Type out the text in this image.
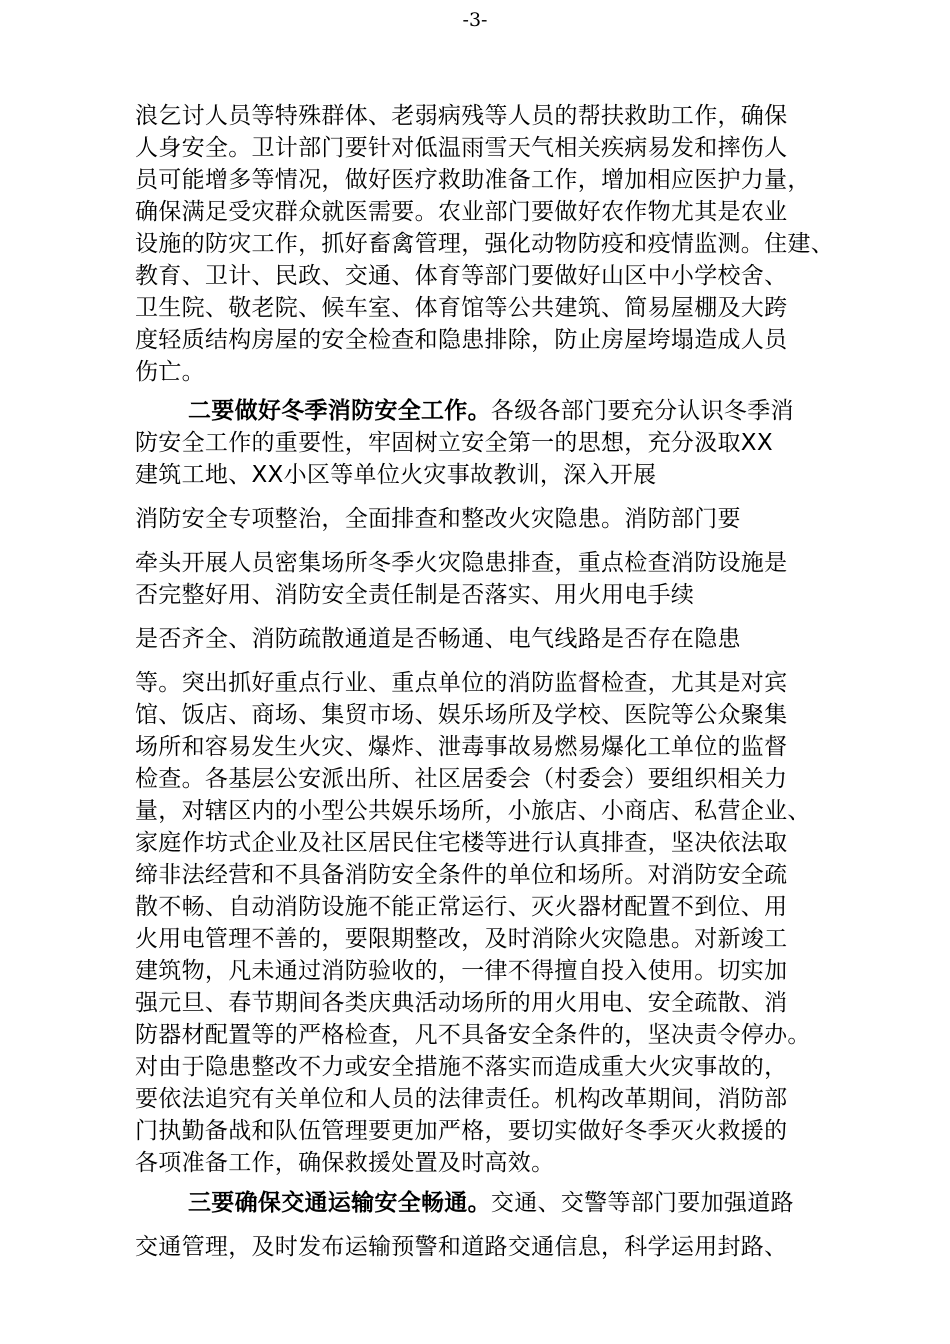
-3-
浪乞讨人员等特殊群体、老弱病残等人员的帮扶救助工作，确保
人身安全。卫计部门要针对低温雨雪天气相关疾病易发和摔伤人
员可能增多等情况，做好医疗救助准备工作，增加相应医护力量，
确保满足受灾群众就医需要。农业部门要做好农作物尤其是农业
设施的防灾工作，抓好畜禽管理，强化动物防疫和疫情监测。住建、
教育、卫计、民政、交通、体育等部门要做好山区中小学校舍、
卫生院、敬老院、候车室、体育馆等公共建筑、简易屋棚及大跨
度轻质结构房屋的安全检查和隐患排除，防止房屋垮塌造成人员
伤亡。
二要做好冬季消防安全工作。各级各部门要充分认识冬季消
防安全工作的重要性，牢固树立安全第一的思想，充分汲取XX
建筑工地、XX小区等单位火灾事故教训，深入开展
消防安全专项整治，全面排查和整改火灾隐患。消防部门要
牵头开展人员密集场所冬季火灾隐患排查，重点检查消防设施是
否完整好用、消防安全责任制是否落实、用火用电手续
是否齐全、消防疏散通道是否畅通、电气线路是否存在隐患
等。突出抓好重点行业、重点单位的消防监督检查，尤其是对宾
馆、饭店、商场、集贸市场、娱乐场所及学校、医院等公众聚集
场所和容易发生火灾、爆炸、泄毒事故易燃易爆化工单位的监督
检查。各基层公安派出所、社区居委会（村委会）要组织相关力
量，对辖区内的小型公共娱乐场所，小旅店、小商店、私营企业、
家庭作坊式企业及社区居民住宅楼等进行认真排查，坚决依法取
缔非法经营和不具备消防安全条件的单位和场所。对消防安全疏
散不畅、自动消防设施不能正常运行、灭火器材配置不到位、用
火用电管理不善的，要限期整改，及时消除火灾隐患。对新竣工
建筑物，凡未通过消防验收的，一律不得擅自投入使用。切实加
强元旦、春节期间各类庆典活动场所的用火用电、安全疏散、消
防器材配置等的严格检查，凡不具备安全条件的，坚决责令停办。
对由于隐患整改不力或安全措施不落实而造成重大火灾事故的，
要依法追究有关单位和人员的法律责任。机构改革期间，消防部
门执勤备战和队伍管理要更加严格，要切实做好冬季灭火救援的
各项准备工作，确保救援处置及时高效。
三要确保交通运输安全畅通。交通、交警等部门要加强道路
交通管理，及时发布运输预警和道路交通信息，科学运用封路、
